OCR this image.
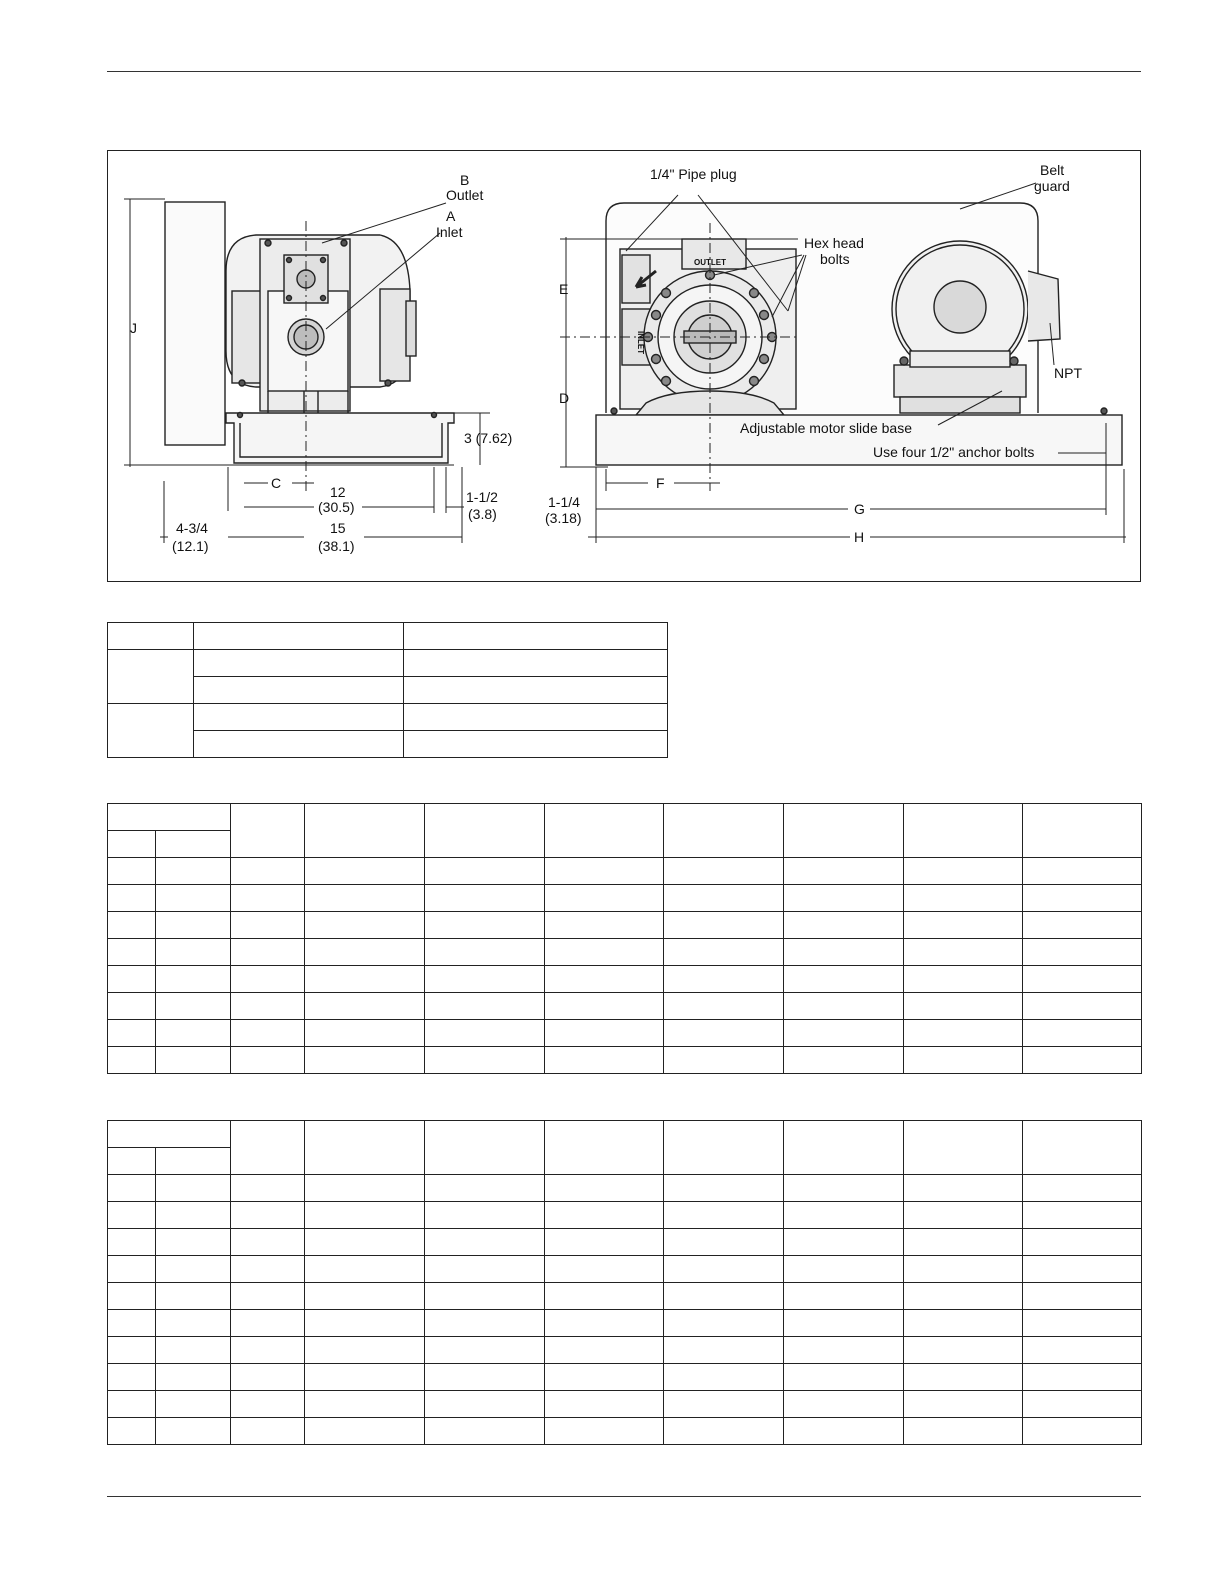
B
Outlet
A
Inlet
J
3 (7.62)
C
12
(30.5)
1-1/2
(3.8)
4-3/4
(12.1)
15
(38.1)
1/4" Pipe plug	Belt
guard
Hex head
bolts
E
D
NPT
Adjustable motor slide base
Use four 1/2" anchor bolts
F
1-1/4
(3.18)
G
H
OUTLET
INLET
